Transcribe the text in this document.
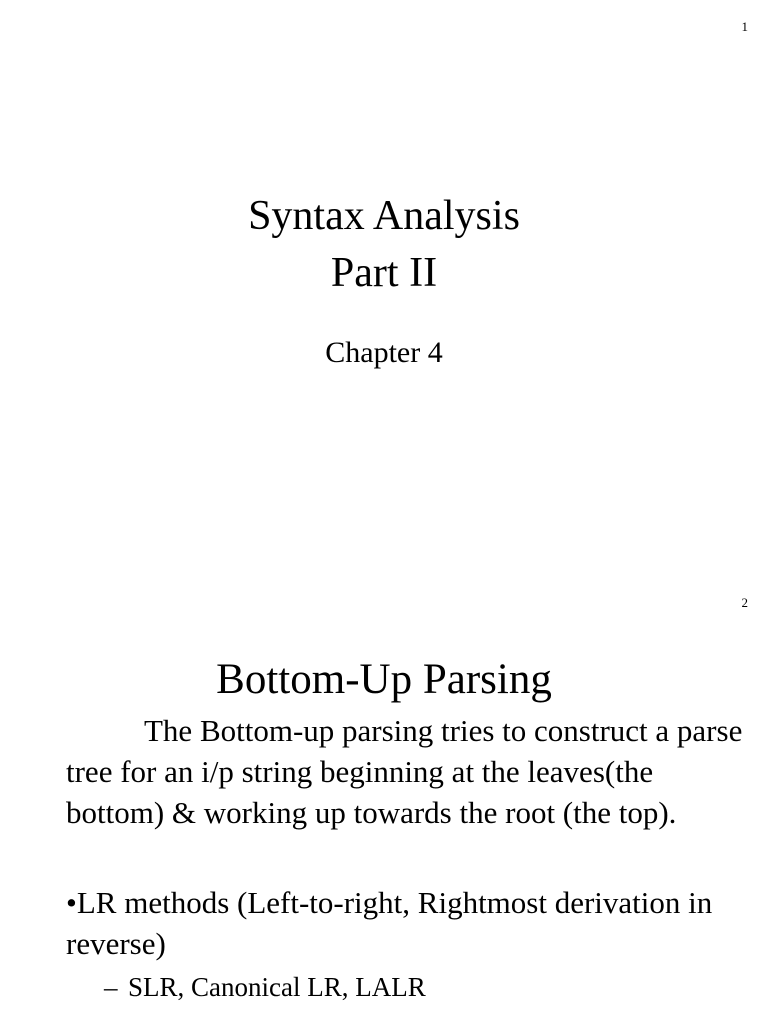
1
Syntax Analysis
Part II
Chapter 4
2
Bottom-Up Parsing
The Bottom-up parsing tries to construct a parse tree for an i/p string beginning at the leaves(the bottom) & working up towards the root (the top).
•LR methods (Left-to-right, Rightmost derivation in reverse)
– SLR, Canonical LR, LALR
